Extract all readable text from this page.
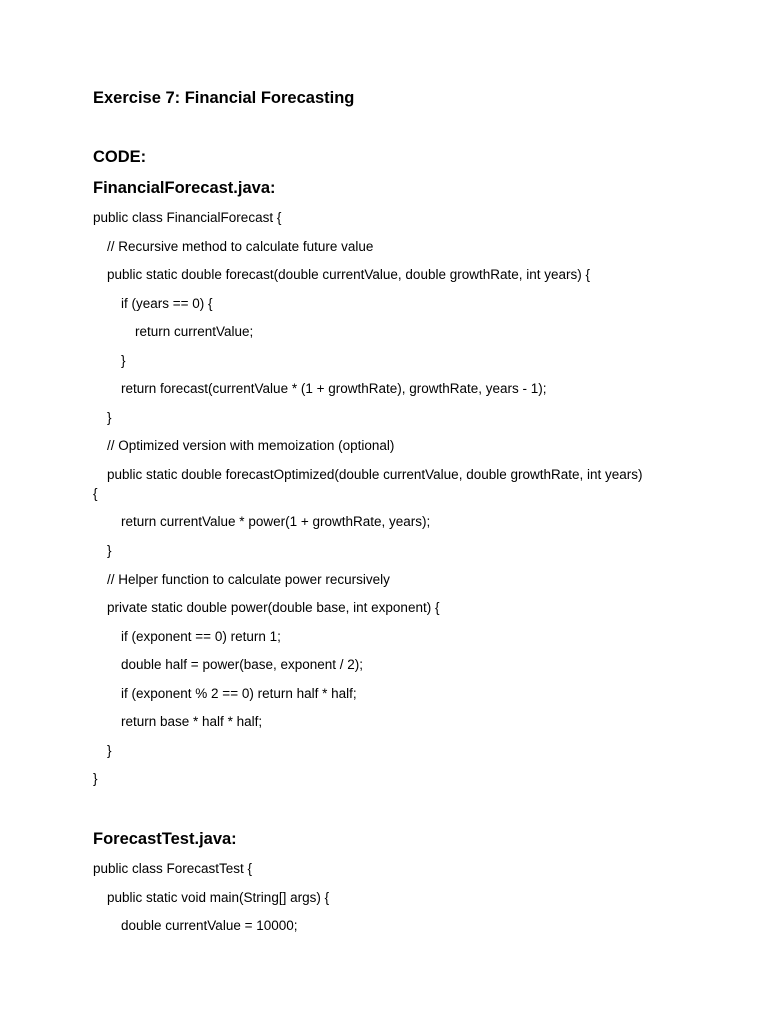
Exercise 7: Financial Forecasting
CODE:
FinancialForecast.java:
public class FinancialForecast {
// Recursive method to calculate future value
public static double forecast(double currentValue, double growthRate, int years) {
if (years == 0) {
return currentValue;
}
return forecast(currentValue * (1 + growthRate), growthRate, years - 1);
}
// Optimized version with memoization (optional)
public static double forecastOptimized(double currentValue, double growthRate, int years)
{
return currentValue * power(1 + growthRate, years);
}
// Helper function to calculate power recursively
private static double power(double base, int exponent) {
if (exponent == 0) return 1;
double half = power(base, exponent / 2);
if (exponent % 2 == 0) return half * half;
return base * half * half;
}
}
ForecastTest.java:
public class ForecastTest {
public static void main(String[] args) {
double currentValue = 10000;
